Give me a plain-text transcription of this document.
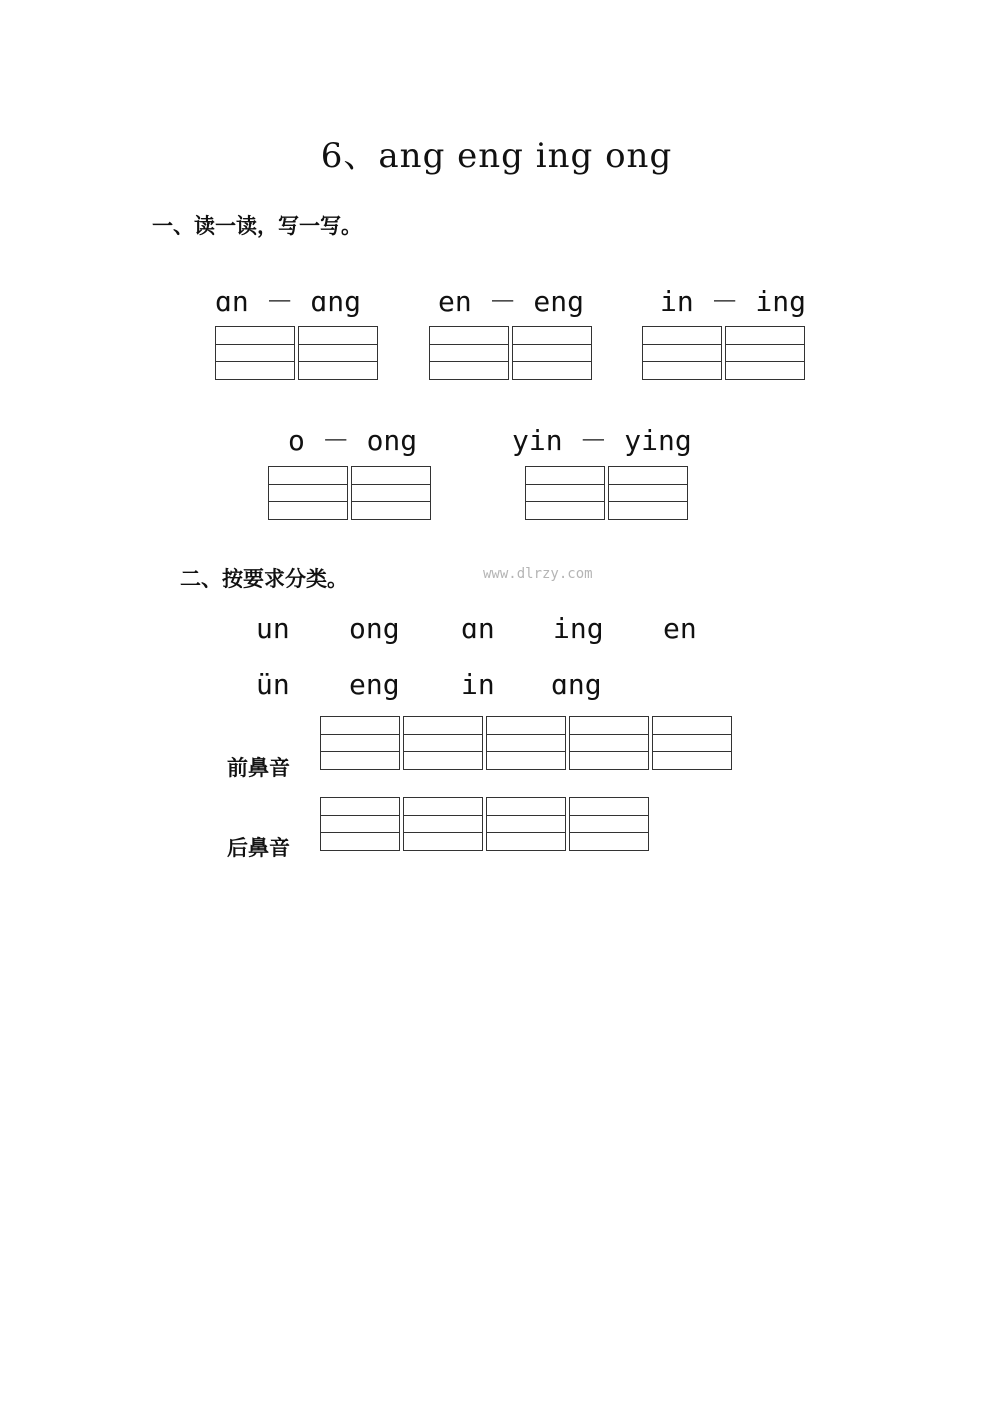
6、ang eng ing ong
一、读一读，写一写。
ɑn － ɑng	en － eng	in － ing
o － ong	yin － ying
二、按要求分类。	www.dlrzy.com
un ong ɑn ing en
ün eng in ɑng
前鼻音
后鼻音
